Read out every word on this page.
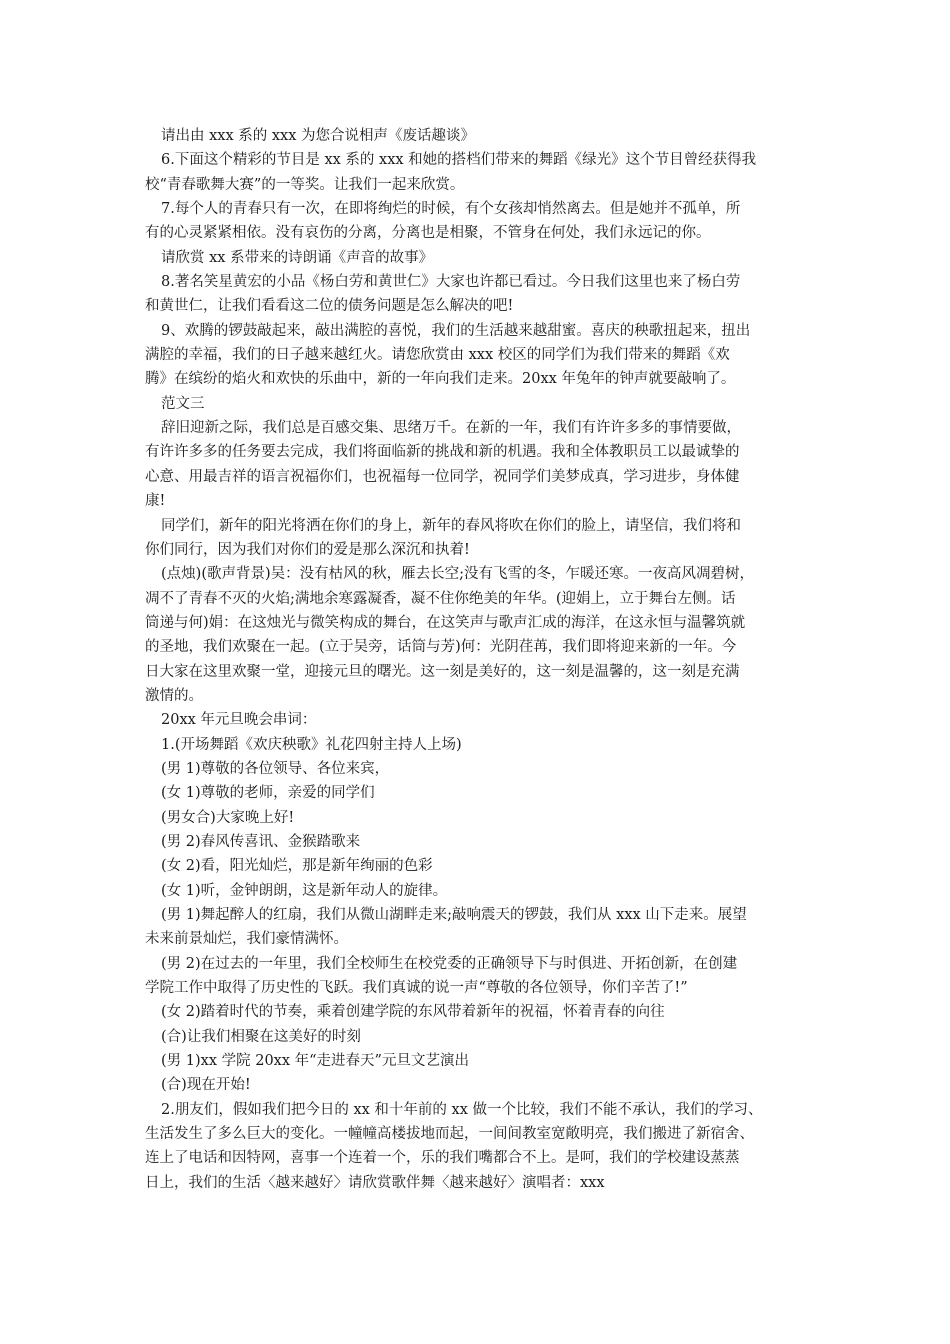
请出由 xxx 系的 xxx 为您合说相声《废话趣谈》
6.下面这个精彩的节目是 xx 系的 xxx 和她的搭档们带来的舞蹈《绿光》这个节目曾经获得我
校“青春歌舞大赛”的一等奖。让我们一起来欣赏。
7.每个人的青春只有一次，在即将绚烂的时候，有个女孩却悄然离去。但是她并不孤单，所
有的心灵紧紧相依。没有哀伤的分离，分离也是相聚，不管身在何处，我们永远记的你。
请欣赏 xx 系带来的诗朗诵《声音的故事》
8.著名笑星黄宏的小品《杨白劳和黄世仁》大家也许都已看过。今日我们这里也来了杨白劳
和黄世仁，让我们看看这二位的债务问题是怎么解决的吧!
9、欢腾的锣鼓敲起来，敲出满腔的喜悦，我们的生活越来越甜蜜。喜庆的秧歌扭起来，扭出
满腔的幸福，我们的日子越来越红火。请您欣赏由 xxx 校区的同学们为我们带来的舞蹈《欢
腾》在缤纷的焰火和欢快的乐曲中，新的一年向我们走来。20xx 年兔年的钟声就要敲响了。
范文三
辞旧迎新之际，我们总是百感交集、思绪万千。在新的一年，我们有许许多多的事情要做，
有许许多多的任务要去完成，我们将面临新的挑战和新的机遇。我和全体教职员工以最诚挚的
心意、用最吉祥的语言祝福你们，也祝福每一位同学，祝同学们美梦成真，学习进步，身体健
康!
同学们，新年的阳光将洒在你们的身上，新年的春风将吹在你们的脸上，请坚信，我们将和
你们同行，因为我们对你们的爱是那么深沉和执着!
(点烛)(歌声背景)吴：没有枯风的秋，雁去长空;没有飞雪的冬，乍暖还寒。一夜高风凋碧树，
凋不了青春不灭的火焰;满地余寒露凝香，凝不住你绝美的年华。(迎娟上，立于舞台左侧。话
筒递与何)娟：在这烛光与微笑构成的舞台，在这笑声与歌声汇成的海洋，在这永恒与温馨筑就
的圣地，我们欢聚在一起。(立于吴旁，话筒与芳)何：光阴荏苒，我们即将迎来新的一年。今
日大家在这里欢聚一堂，迎接元旦的曙光。这一刻是美好的，这一刻是温馨的，这一刻是充满
激情的。
20xx 年元旦晚会串词：
1.(开场舞蹈《欢庆秧歌》礼花四射主持人上场)
(男 1)尊敬的各位领导、各位来宾，
(女 1)尊敬的老师，亲爱的同学们
(男女合)大家晚上好!
(男 2)春风传喜讯、金猴踏歌来
(女 2)看，阳光灿烂，那是新年绚丽的色彩
(女 1)听，金钟朗朗，这是新年动人的旋律。
(男 1)舞起醉人的红扇，我们从微山湖畔走来;敲响震天的锣鼓，我们从 xxx 山下走来。展望
未来前景灿烂，我们豪情满怀。
(男 2)在过去的一年里，我们全校师生在校党委的正确领导下与时俱进、开拓创新，在创建
学院工作中取得了历史性的飞跃。我们真诚的说一声“尊敬的各位领导，你们辛苦了!”
(女 2)踏着时代的节奏，乘着创建学院的东风带着新年的祝福，怀着青春的向往
(合)让我们相聚在这美好的时刻
(男 1)xx 学院 20xx 年“走进春天”元旦文艺演出
(合)现在开始!
2.朋友们，假如我们把今日的 xx 和十年前的 xx 做一个比较，我们不能不承认，我们的学习、
生活发生了多么巨大的变化。一幢幢高楼拔地而起，一间间教室宽敞明亮，我们搬进了新宿舍、
连上了电话和因特网，喜事一个连着一个，乐的我们嘴都合不上。是呵，我们的学校建设蒸蒸
日上，我们的生活〈越来越好〉请欣赏歌伴舞〈越来越好〉演唱者：xxx
